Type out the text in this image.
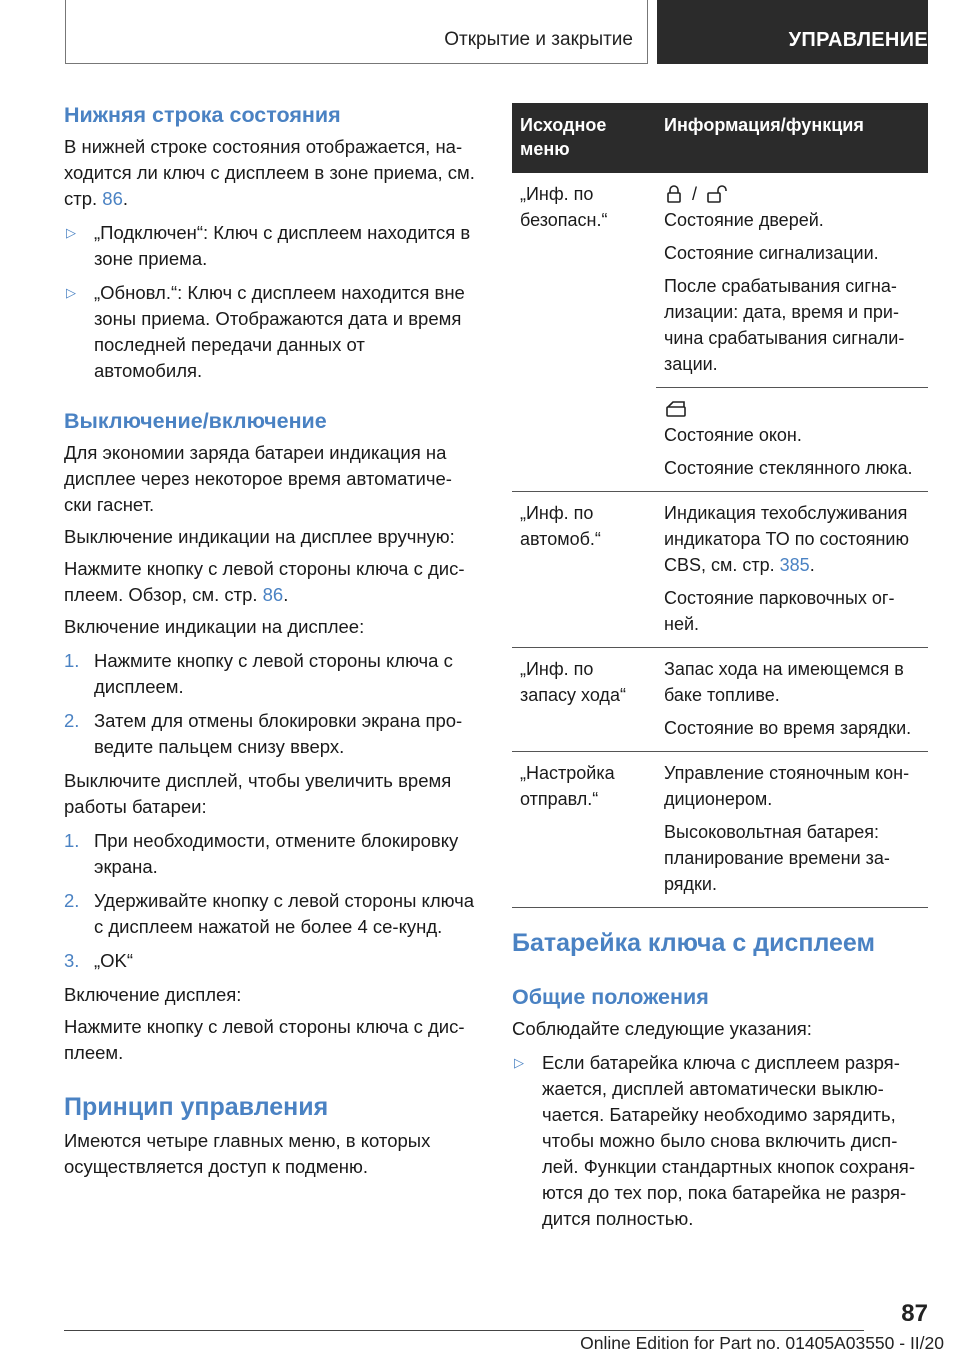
Открытие и закрытие	УПРАВЛЕНИЕ
Нижняя строка состояния

В нижней строке состояния отображается, на-ходится ли ключ с дисплеем в зоне приема, см. стр. 86.

▷ „Подключен“: Ключ с дисплеем находится в зоне приема.
▷ „Обновл.“: Ключ с дисплеем находится вне зоны приема. Отображаются дата и время последней передачи данных от автомобиля.
Выключение/включение

Для экономии заряда батареи индикация на дисплее через некоторое время автоматиче-ски гаснет.

Выключение индикации на дисплее вручную:

Нажмите кнопку с левой стороны ключа с дис-плеем. Обзор, см. стр. 86.

Включение индикации на дисплее:

1. Нажмите кнопку с левой стороны ключа с дисплеем.
2. Затем для отмены блокировки экрана про-ведите пальцем снизу вверх.

Выключите дисплей, чтобы увеличить время работы батареи:

1. При необходимости, отмените блокировку экрана.
2. Удерживайте кнопку с левой стороны ключа с дисплеем нажатой не более 4 се-кунд.
3. „OK“

Включение дисплея:

Нажмите кнопку с левой стороны ключа с дис-плеем.

Принцип управления

Имеются четыре главных меню, в которых осуществляется доступ к подменю.

Исходное меню	Информация/функция
„Инф. по безопасн.“	/
Состояние дверей.
Состояние сигнализации.
После срабатывания сигна-лизации: дата, время и при-чина срабатывания сигнали-зации.

	Состояние окон.
Состояние стеклянного люка.

„Инф. по автомоб.“	Индикация техобслуживания индикатора ТО по состоянию CBS, см. стр. 385.
Состояние парковочных ог-ней.

„Инф. по запасу хода“	Запас хода на имеющемся в баке топливе.
Состояние во время зарядки.

„Настройка отправл.“	Управление стояночным кон-диционером.
Высоковольтная батарея: планирование времени за-рядки.
Батарейка ключа с дисплеем
Общие положения

Соблюдайте следующие указания:

▷ Если батарейка ключа с дисплеем разря-жается, дисплей автоматически выклю-чается. Батарейку необходимо зарядить, чтобы можно было снова включить дисп-лей. Функции стандартных кнопок сохраня-ются до тех пор, пока батарейка не разря-дится полностью.
87
Online Edition for Part no. 01405A03550 - II/20
